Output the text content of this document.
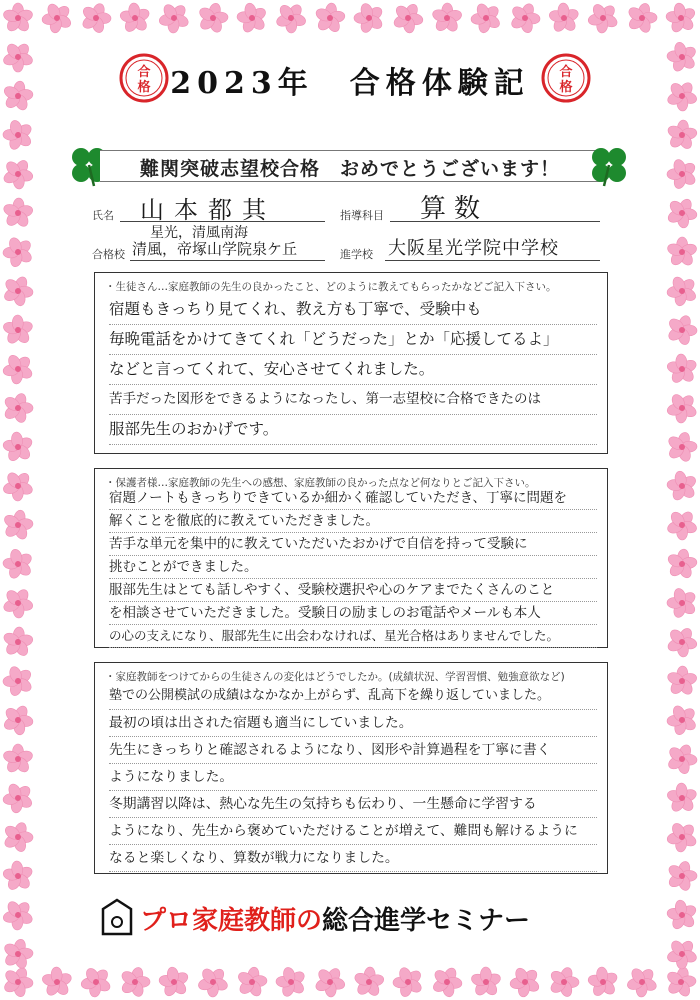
合
格 2023年　合格体験記	合
格
難関突破志望校合格　おめでとうございます！
氏名 山本都其	指導科目 算数
合格校
星光，清風南海
清風，帝塚山学院泉ケ丘	進学校 大阪星光学院中学校
・生徒さん…家庭教師の先生の良かったこと、どのように教えてもらったかなどご記入下さい。
宿題もきっちり見てくれ、教え方も丁寧で、受験中も
毎晩電話をかけてきてくれ「どうだった」とか「応援してるよ」
などと言ってくれて、安心させてくれました。
苦手だった図形をできるようになったし、第一志望校に合格できたのは
服部先生のおかげです。
・保護者様…家庭教師の先生への感想、家庭教師の良かった点など何なりとご記入下さい。
宿題ノートもきっちりできているか細かく確認していただき、丁寧に問題を
解くことを徹底的に教えていただきました。
苦手な単元を集中的に教えていただいたおかげで自信を持って受験に
挑むことができました。
服部先生はとても話しやすく、受験校選択や心のケアまでたくさんのこと
を相談させていただきました。受験日の励ましのお電話やメールも本人
の心の支えになり、服部先生に出会わなければ、星光合格はありませんでした。
・家庭教師をつけてからの生徒さんの変化はどうでしたか。(成績状況、学習習慣、勉強意欲など)
塾での公開模試の成績はなかなか上がらず、乱高下を繰り返していました。
最初の頃は出された宿題も適当にしていました。
先生にきっちりと確認されるようになり、図形や計算過程を丁寧に書く
ようになりました。
冬期講習以降は、熱心な先生の気持ちも伝わり、一生懸命に学習する
ようになり、先生から褒めていただけることが増えて、難問も解けるように
なると楽しくなり、算数が戦力になりました。
プロ家庭教師の総合進学セミナー
